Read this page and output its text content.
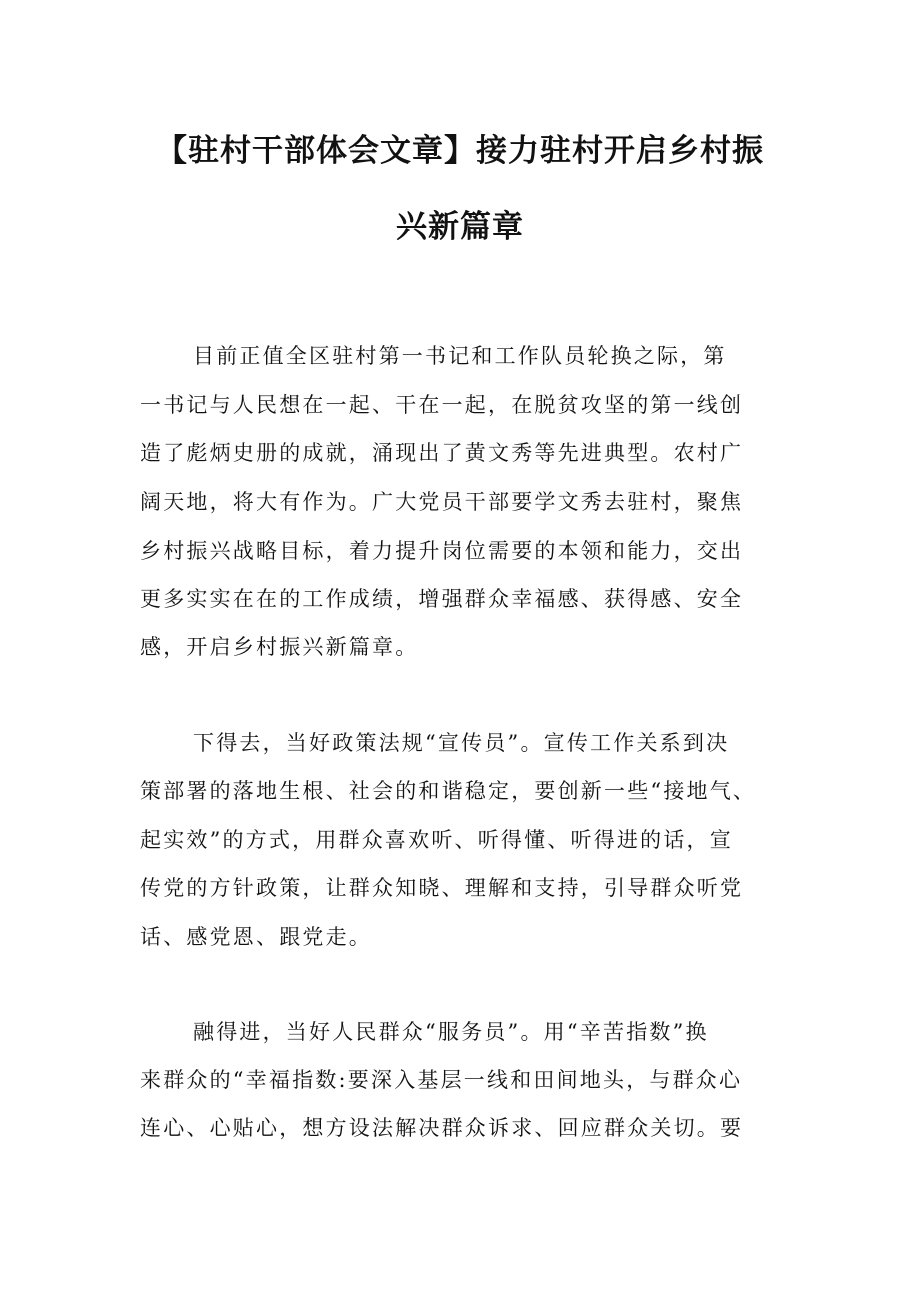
【驻村干部体会文章】接力驻村开启乡村振
兴新篇章

目前正值全区驻村第一书记和工作队员轮换之际，第

一书记与人民想在一起、干在一起，在脱贫攻坚的第一线创

造了彪炳史册的成就，涌现出了黄文秀等先进典型。农村广

阔天地，将大有作为。广大党员干部要学文秀去驻村，聚焦

乡村振兴战略目标，着力提升岗位需要的本领和能力，交出

更多实实在在的工作成绩，增强群众幸福感、获得感、安全

感，开启乡村振兴新篇章。

下得去，当好政策法规“宣传员”。宣传工作关系到决

策部署的落地生根、社会的和谐稳定，要创新一些“接地气、

起实效”的方式，用群众喜欢听、听得懂、听得进的话，宣

传党的方针政策，让群众知晓、理解和支持，引导群众听党

话、感党恩、跟党走。

融得进，当好人民群众“服务员”。用“辛苦指数”换

来群众的“幸福指数:要深入基层一线和田间地头，与群众心

连心、心贴心，想方设法解决群众诉求、回应群众关切。要
